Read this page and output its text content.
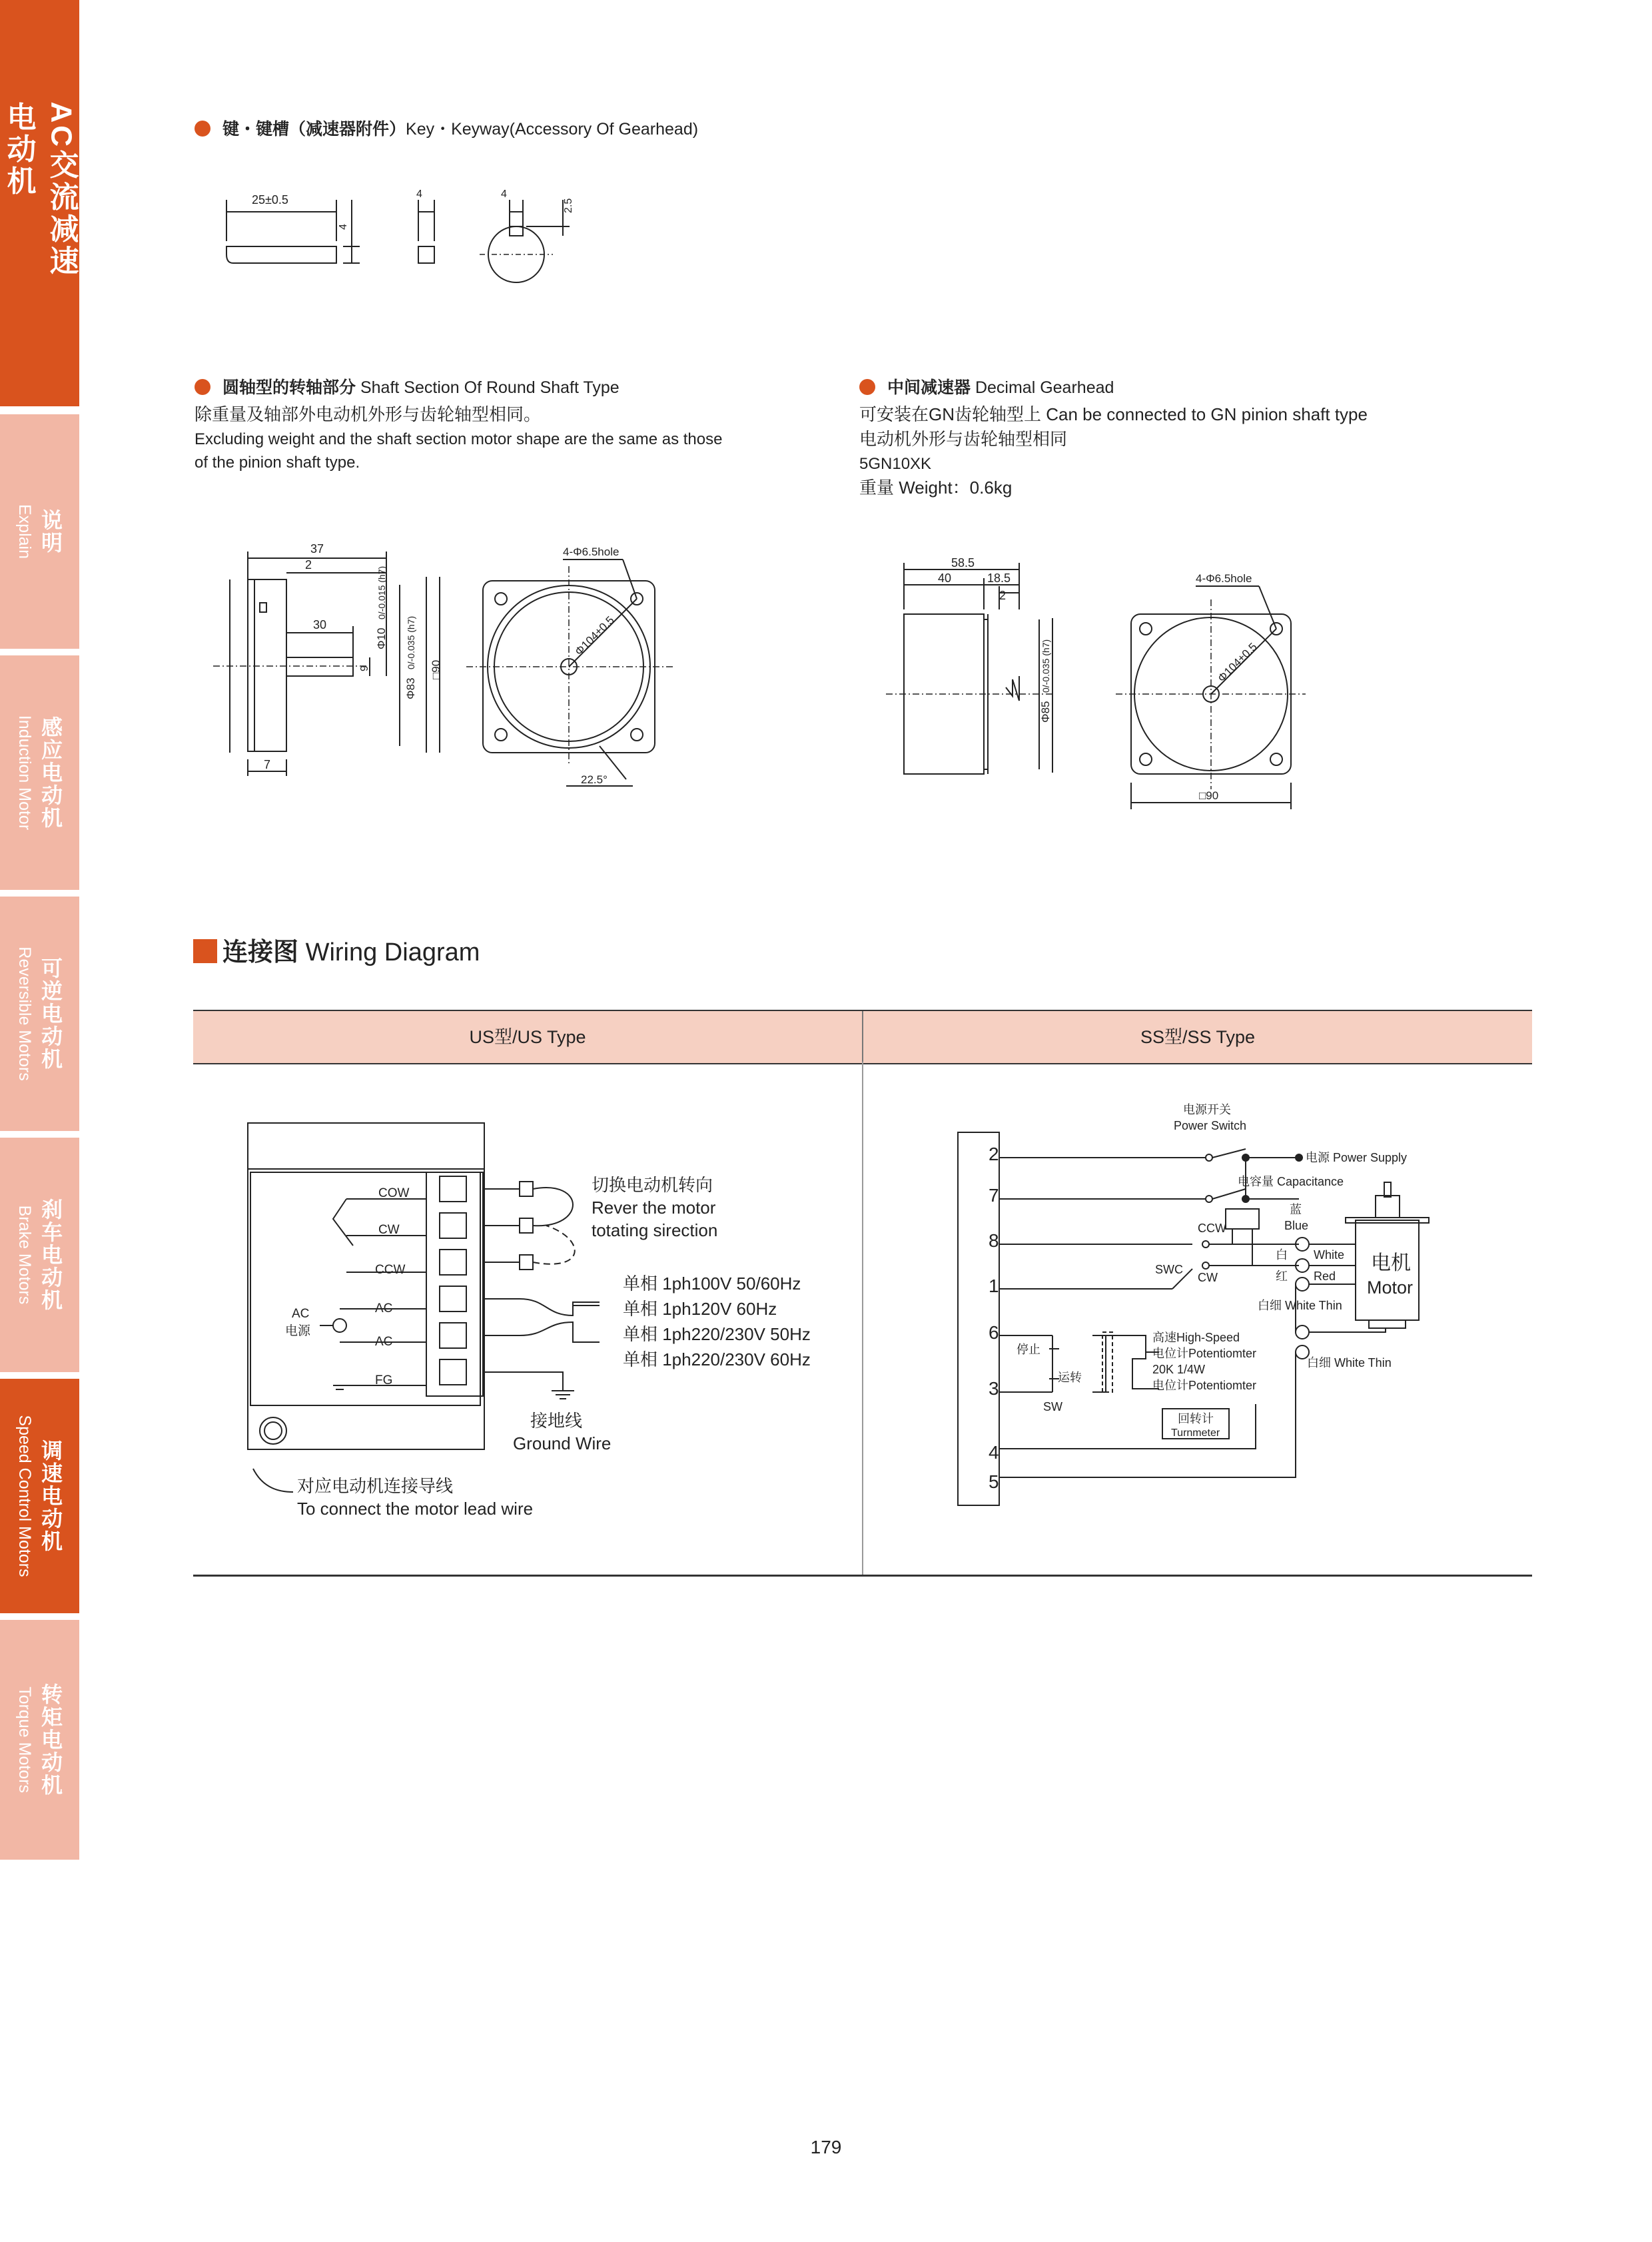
AC交流减速电动机
说明
Explain
感应电动机
Induction Motor
可逆电动机
Reversible Motors
刹车电动机
Brake Motors
调速电动机
Speed Control Motors
转矩电动机
Torque Motors
键・键槽（减速器附件）Key・Keyway(Accessory Of Gearhead)
25±0.5
4
4	4
2.5
圆轴型的转轴部分 Shaft Section Of Round Shaft Type
除重量及轴部外电动机外形与齿轮轴型相同。
Excluding weight and the shaft section motor shape are the same as those
of the pinion shaft type.
37
2
30
7
9
Φ10
0/-0.015 (h7)
Φ83
0/-0.035 (h7)
□90
4-Φ6.5hole
Φ104±0.5
22.5°
中间减速器 Decimal Gearhead
可安装在GN齿轮轴型上 Can be connected to GN pinion shaft type
电动机外形与齿轮轴型相同
5GN10XK
重量 Weight：0.6kg
58.5
40	18.5
2
Φ85
0/-0.035 (h7)
4-Φ6.5hole
Φ104±0.5
□90
连接图 Wiring Diagram
US型/US Type	SS型/SS Type
COW
CW
CCW
AC
AC
FG
AC
电源
切换电动机转向
Rever the motor
totating sirection
单相 1ph100V 50/60Hz
单相 1ph120V 60Hz
单相 1ph220/230V 50Hz
单相 1ph220/230V 60Hz
接地线
Ground Wire
对应电动机连接导线
To connect the motor lead wire
2
7
8
1
6
3
4
5
电源开关
Power Switch
电源 Power Supply
电容量 Capacitance
蓝
Blue
白 White
红 Red
白细 White Thin
白细 White Thin
电机
Motor
CCW
CW
SWC
停止
运转
SW
高速High-Speed
电位计Potentiomter
20K 1/4W
电位计Potentiomter
回转计
Turnmeter
179
